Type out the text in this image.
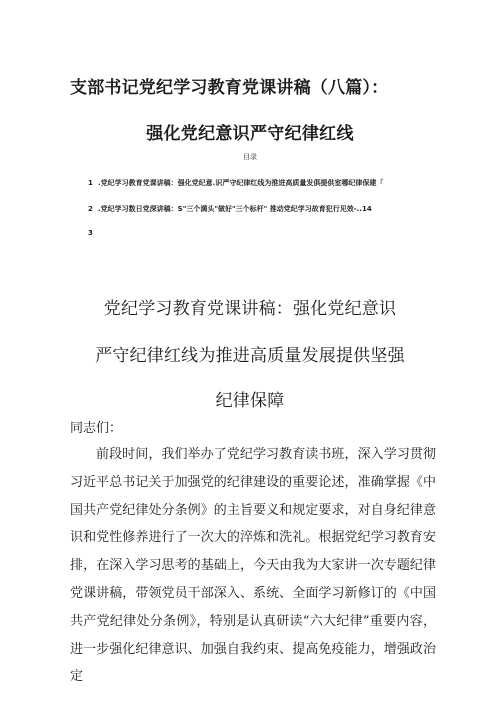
支部书记党纪学习教育党课讲稿（八篇）：
强化党纪意识严守纪律红线
目录
1 .党纪学习教育党课讲稿：强化党纪意.识严守纪律红线为推进高质量发俱提供室哪纪律保建「
2 .党纪学习数日党深讲稿：S"三个満头"做好"三个标杆" 推动党纪学习故育犯行见效-..14
3
党纪学习教育党课讲稿：强化党纪意识
严守纪律红线为推进高质量发展提供坚强
纪律保障
同志们：
前段时间，我们举办了党纪学习教育读书班，深入学习贯彻习近平总书记关于加强党的纪律建设的重要论述，准确掌握《中国共产党纪律处分条例》的主旨要义和规定要求，对自身纪律意识和党性修养进行了一次大的淬炼和洗礼。根据党纪学习教育安排，在深入学习思考的基础上，今天由我为大家讲一次专题纪律党课讲稿，带领党员干部深入、系统、全面学习新修订的《中国共产党纪律处分条例》，特别是认真研读“六大纪律”重要内容，进一步强化纪律意识、加强自我约束、提高免疫能力，增强政治定
